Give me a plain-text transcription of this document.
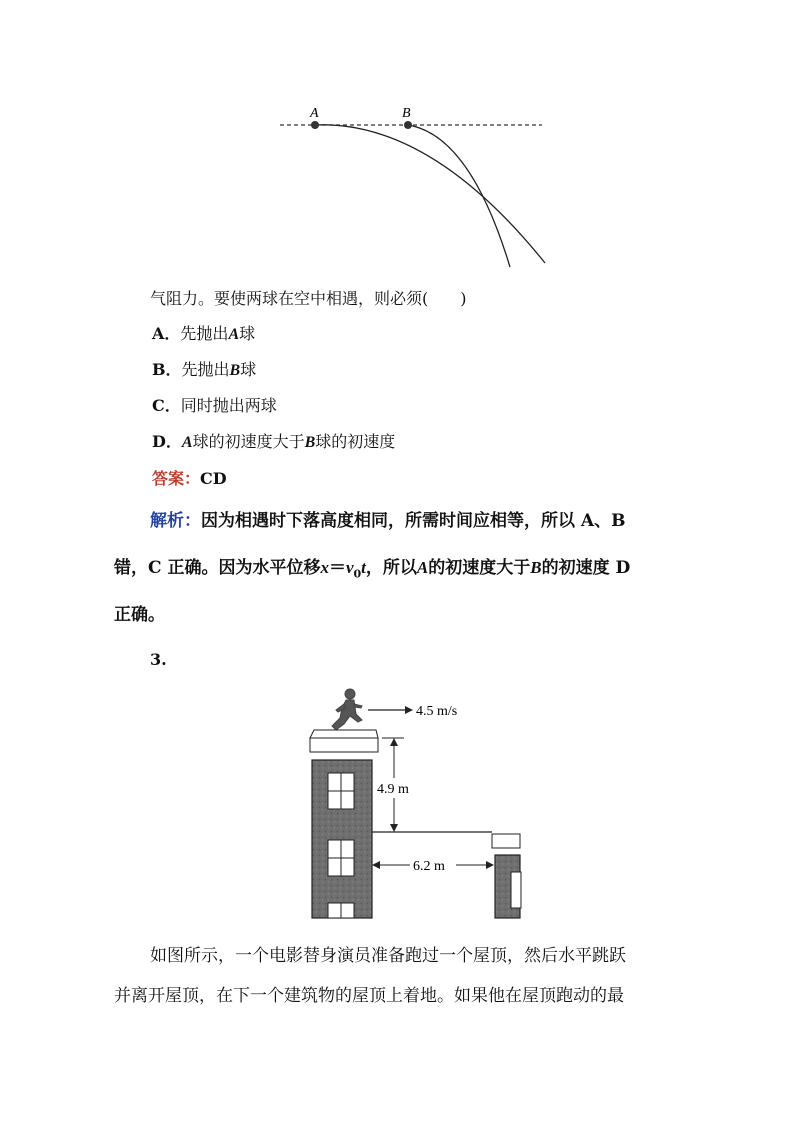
A	B
气阻力。要使两球在空中相遇，则必须(　　)
A．先抛出A球
B．先抛出B球
C．同时抛出两球
D．A球的初速度大于B球的初速度
答案：CD
解析：因为相遇时下落高度相同，所需时间应相等，所以 A、B
错，C 正确。因为水平位移$x=v_0t$，所以A的初速度大于B的初速度 D
正确。
3.
4.5 m/s
4.9 m
6.2 m
如图所示，一个电影替身演员准备跑过一个屋顶，然后水平跳跃
并离开屋顶，在下一个建筑物的屋顶上着地。如果他在屋顶跑动的最
